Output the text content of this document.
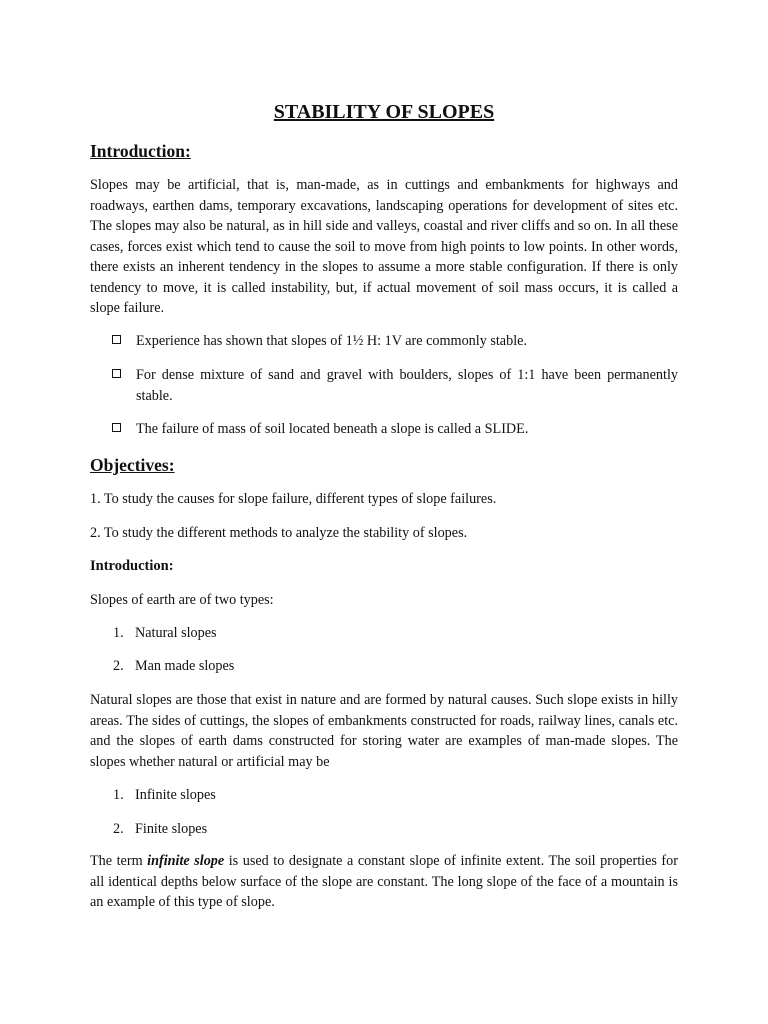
STABILITY OF SLOPES
Introduction:
Slopes may be artificial, that is, man-made, as in cuttings and embankments for highways and roadways, earthen dams, temporary excavations, landscaping operations for development of sites etc. The slopes may also be natural, as in hill side and valleys, coastal and river cliffs and so on. In all these cases, forces exist which tend to cause the soil to move from high points to low points. In other words, there exists an inherent tendency in the slopes to assume a more stable configuration. If there is only tendency to move, it is called instability, but, if actual movement of soil mass occurs, it is called a slope failure.
Experience has shown that slopes of 1½ H: 1V are commonly stable.
For dense mixture of sand and gravel with boulders, slopes of 1:1 have been permanently stable.
The failure of mass of soil located beneath a slope is called a SLIDE.
Objectives:
1. To study the causes for slope failure, different types of slope failures.
2. To study the different methods to analyze the stability of slopes.
Introduction:
Slopes of earth are of two types:
1. Natural slopes
2. Man made slopes
Natural slopes are those that exist in nature and are formed by natural causes. Such slope exists in hilly areas. The sides of cuttings, the slopes of embankments constructed for roads, railway lines, canals etc. and the slopes of earth dams constructed for storing water are examples of man-made slopes. The slopes whether natural or artificial may be
1. Infinite slopes
2. Finite slopes
The term infinite slope is used to designate a constant slope of infinite extent. The soil properties for all identical depths below surface of the slope are constant. The long slope of the face of a mountain is an example of this type of slope.
